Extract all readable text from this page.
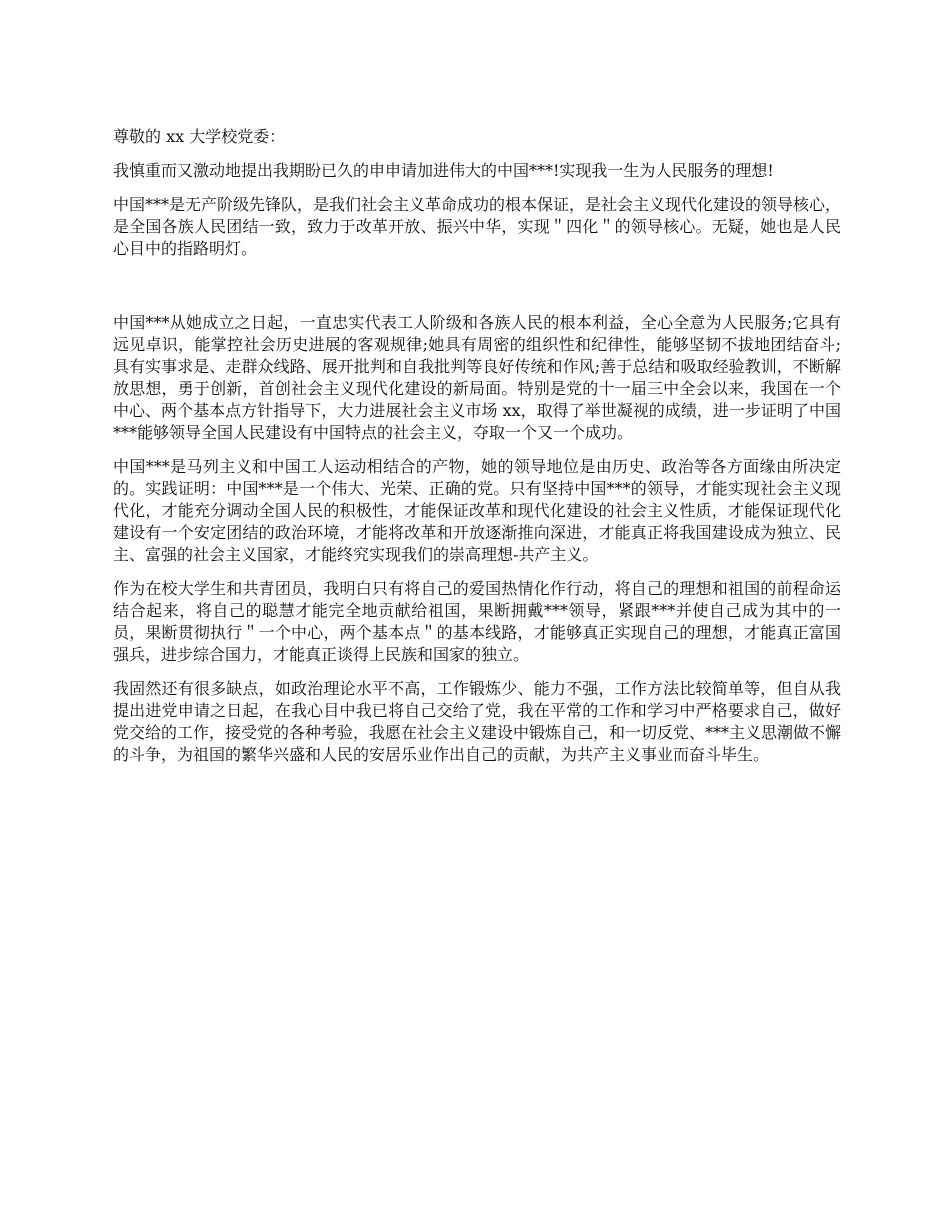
尊敬的 xx 大学校党委：

我慎重而又激动地提出我期盼已久的申申请加进伟大的中国***!实现我一生为人民服务的理想!

中国***是无产阶级先锋队，是我们社会主义革命成功的根本保证，是社会主义现代化建设的领导核心，是全国各族人民团结一致，致力于改革开放、振兴中华，实现＂四化＂的领导核心。无疑，她也是人民心目中的指路明灯。

中国***从她成立之日起，一直忠实代表工人阶级和各族人民的根本利益，全心全意为人民服务;它具有远见卓识，能掌控社会历史进展的客观规律;她具有周密的组织性和纪律性，能够坚韧不拔地团结奋斗;具有实事求是、走群众线路、展开批判和自我批判等良好传统和作风;善于总结和吸取经验教训，不断解放思想，勇于创新，首创社会主义现代化建设的新局面。特别是党的十一届三中全会以来，我国在一个中心、两个基本点方针指导下，大力进展社会主义市场 xx，取得了举世凝视的成绩，进一步证明了中国***能够领导全国人民建设有中国特点的社会主义，夺取一个又一个成功。

中国***是马列主义和中国工人运动相结合的产物，她的领导地位是由历史、政治等各方面缘由所决定的。实践证明：中国***是一个伟大、光荣、正确的党。只有坚持中国***的领导，才能实现社会主义现代化，才能充分调动全国人民的积极性，才能保证改革和现代化建设的社会主义性质，才能保证现代化建设有一个安定团结的政治环境，才能将改革和开放逐渐推向深进，才能真正将我国建设成为独立、民主、富强的社会主义国家，才能终究实现我们的崇高理想-共产主义。

作为在校大学生和共青团员，我明白只有将自己的爱国热情化作行动，将自己的理想和祖国的前程命运结合起来，将自己的聪慧才能完全地贡献给祖国，果断拥戴***领导，紧跟***并使自己成为其中的一员，果断贯彻执行＂一个中心，两个基本点＂的基本线路，才能够真正实现自己的理想，才能真正富国强兵，进步综合国力，才能真正谈得上民族和国家的独立。

我固然还有很多缺点，如政治理论水平不高，工作锻炼少、能力不强，工作方法比较简单等，但自从我提出进党申请之日起，在我心目中我已将自己交给了党，我在平常的工作和学习中严格要求自己，做好党交给的工作，接受党的各种考验，我愿在社会主义建设中锻炼自己，和一切反党、***主义思潮做不懈的斗争，为祖国的繁华兴盛和人民的安居乐业作出自己的贡献，为共产主义事业而奋斗毕生。
